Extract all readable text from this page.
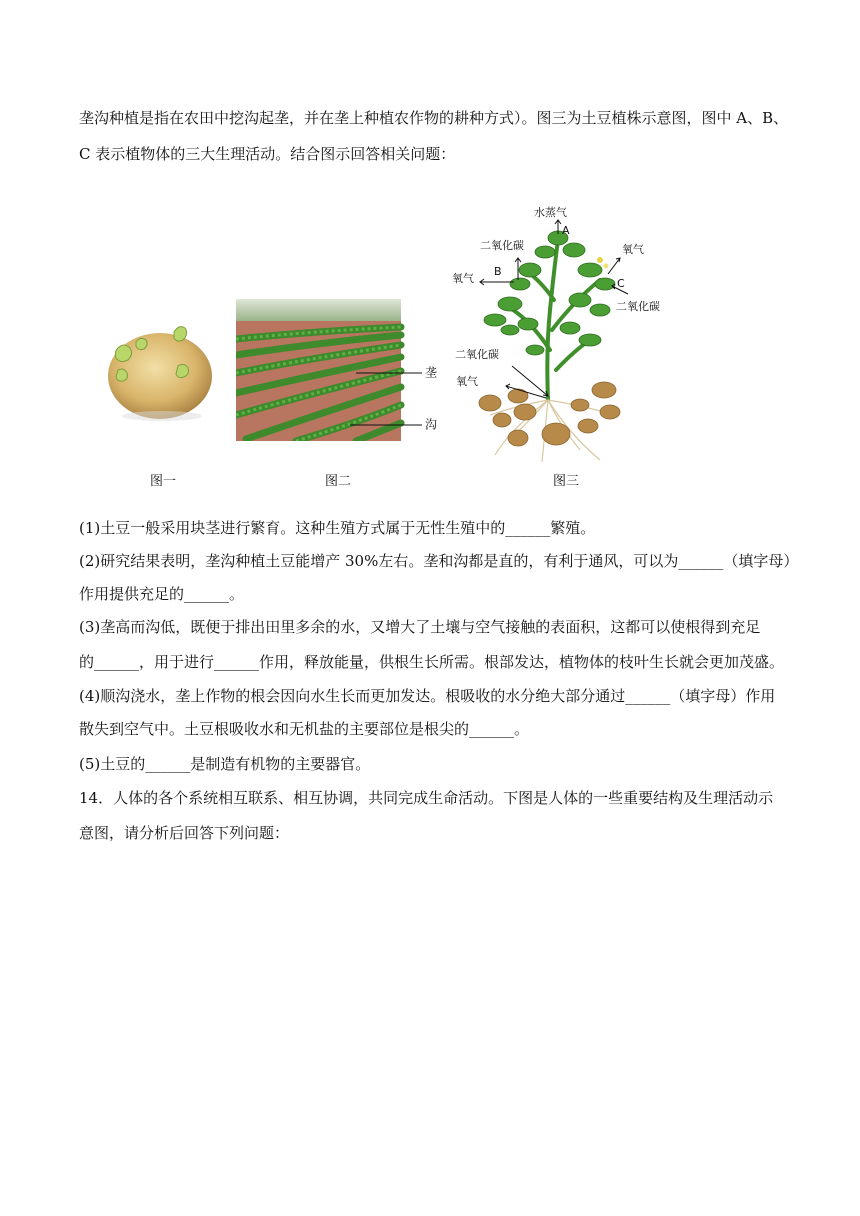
垄沟种植是指在农田中挖沟起垄，并在垄上种植农作物的耕种方式）。图三为土豆植株示意图，图中 A、B、
C 表示植物体的三大生理活动。结合图示回答相关问题：
垄
沟
水蒸气
A
二氧化碳
B
氧气
氧气
C
二氧化碳
二氧化碳
氧气
图一	图二	图三
(1)土豆一般采用块茎进行繁育。这种生殖方式属于无性生殖中的______繁殖。
(2)研究结果表明，垄沟种植土豆能增产 30%左右。垄和沟都是直的，有利于通风，可以为______（填字母）
作用提供充足的______。
(3)垄高而沟低，既便于排出田里多余的水，又增大了土壤与空气接触的表面积，这都可以使根得到充足
的______，用于进行______作用，释放能量，供根生长所需。根部发达，植物体的枝叶生长就会更加茂盛。
(4)顺沟浇水，垄上作物的根会因向水生长而更加发达。根吸收的水分绝大部分通过______（填字母）作用
散失到空气中。土豆根吸收水和无机盐的主要部位是根尖的______。
(5)土豆的______是制造有机物的主要器官。
14．人体的各个系统相互联系、相互协调，共同完成生命活动。下图是人体的一些重要结构及生理活动示
意图，请分析后回答下列问题：
